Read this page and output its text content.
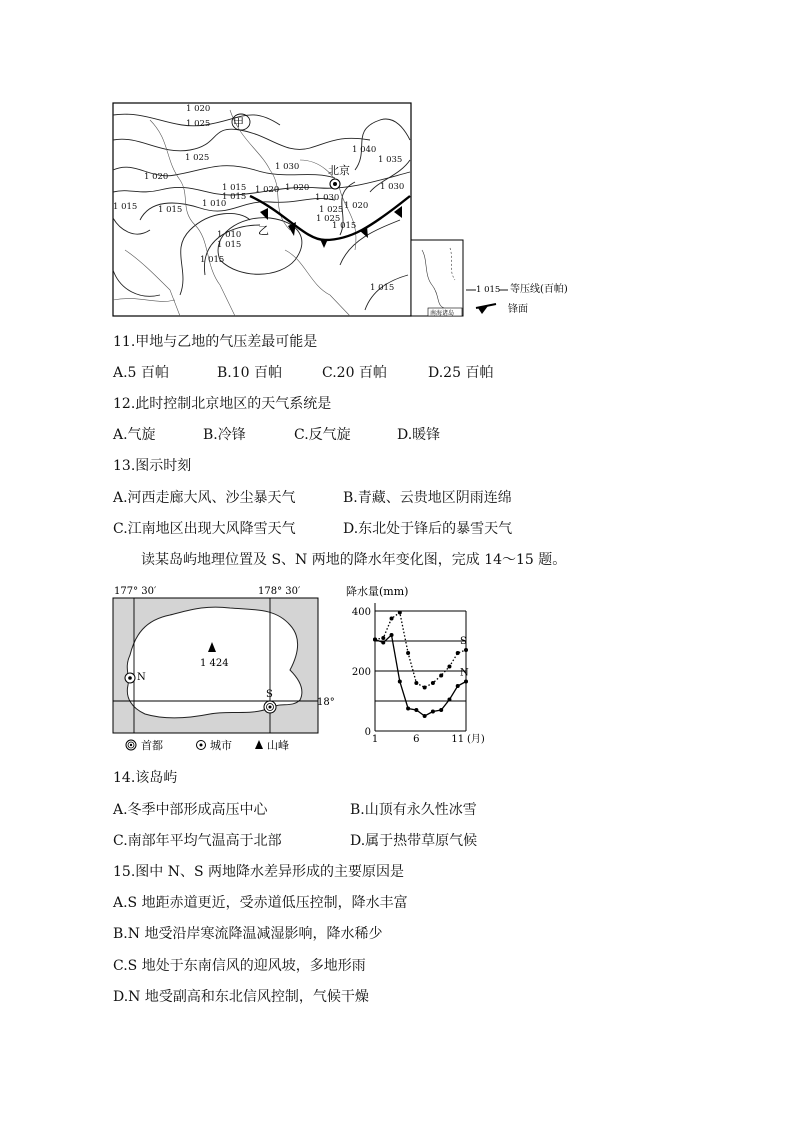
1 020
1 025
1 025
1 020
1 015 1 015
1 010
1 015
1 015
1 010
1 015
1 020 1 020
1 030
1 030
1 040
1 035
1 030
1 025 1 020
1 015
1 015
1 015
1 025
甲
乙
北京
南海诸岛
1 015 等压线(百帕)
锋面
11.甲地与乙地的气压差最可能是
A.5 百帕	B.10 百帕	C.20 百帕	D.25 百帕
12.此时控制北京地区的天气系统是
A.气旋	B.冷锋	C.反气旋	D.暖锋
13.图示时刻
A.河西走廊大风、沙尘暴天气	B.青藏、云贵地区阴雨连绵
C.江南地区出现大风降雪天气	D.东北处于锋后的暴雪天气
读某岛屿地理位置及 S、N 两地的降水年变化图，完成 14～15 题。
177° 30′	178° 30′
18°
1 424
N
S
首都	城市	山峰
降水量(mm)
400
200
0
1	6	11
S
N
(月)
14.该岛屿
A.冬季中部形成高压中心	B.山顶有永久性冰雪
C.南部年平均气温高于北部	D.属于热带草原气候
15.图中 N、S 两地降水差异形成的主要原因是
A.S 地距赤道更近，受赤道低压控制，降水丰富
B.N 地受沿岸寒流降温减湿影响，降水稀少
C.S 地处于东南信风的迎风坡，多地形雨
D.N 地受副高和东北信风控制，气候干燥
